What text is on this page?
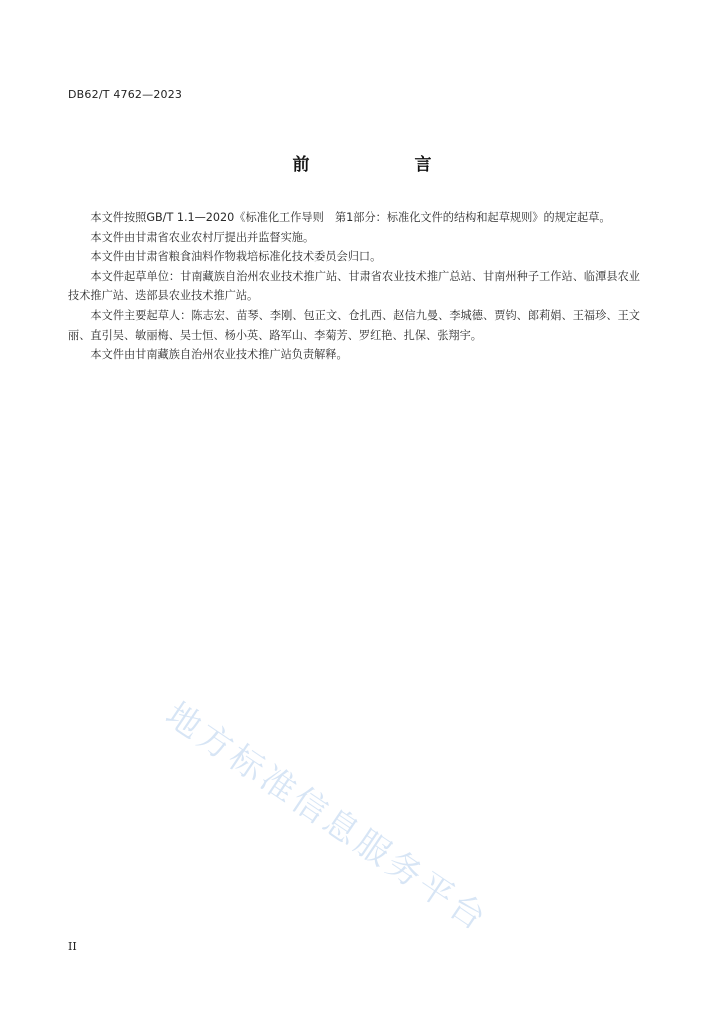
DB62/T 4762—2023
前　言

本文件按照GB/T 1.1—2020《标准化工作导则　第1部分：标准化文件的结构和起草规则》的规定起草。

本文件由甘肃省农业农村厅提出并监督实施。

本文件由甘肃省粮食油料作物栽培标准化技术委员会归口。

本文件起草单位：甘南藏族自治州农业技术推广站、甘肃省农业技术推广总站、甘南州种子工作站、临潭县农业技术推广站、迭部县农业技术推广站。

本文件主要起草人：陈志宏、苗琴、李刚、包正文、仓扎西、赵信九曼、李城德、贾钧、郎莉娟、王福珍、王文丽、直引吴、敏丽梅、吴士恒、杨小英、路军山、李菊芳、罗红艳、扎保、张翔宇。

本文件由甘南藏族自治州农业技术推广站负责解释。

地方标准信息服务平台
II
